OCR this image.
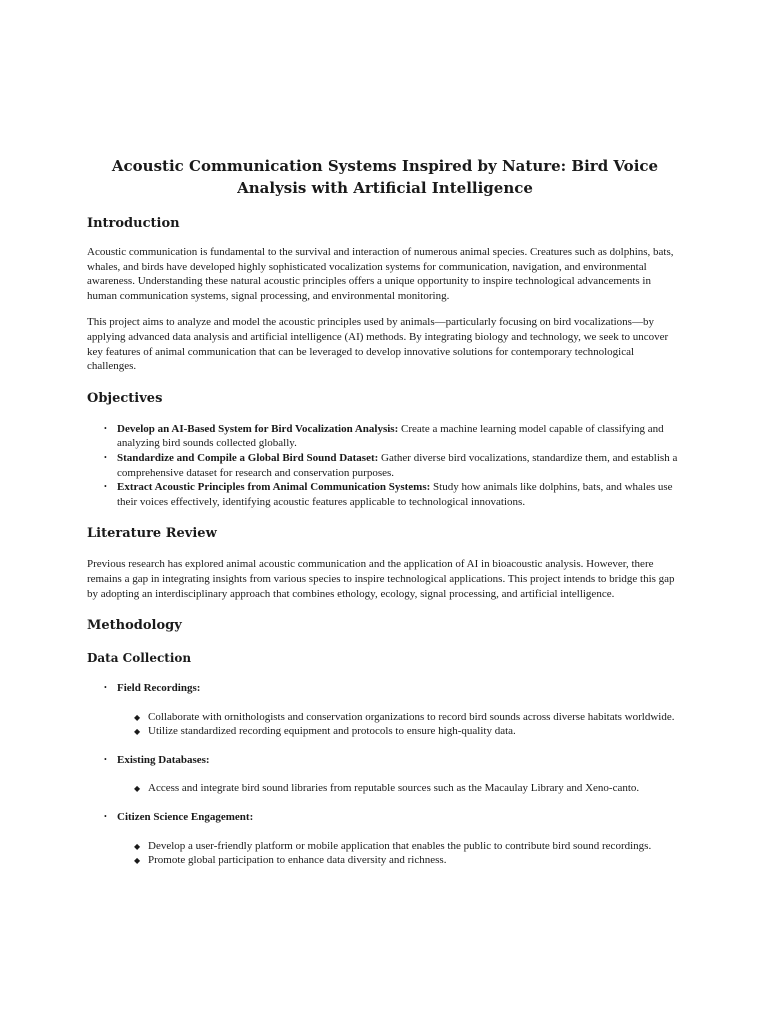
Acoustic Communication Systems Inspired by Nature: Bird Voice Analysis with Artificial Intelligence
Introduction

Acoustic communication is fundamental to the survival and interaction of numerous animal species. Creatures such as dolphins, bats, whales, and birds have developed highly sophisticated vocalization systems for communication, navigation, and environmental awareness. Understanding these natural acoustic principles offers a unique opportunity to inspire technological advancements in human communication systems, signal processing, and environmental monitoring.

This project aims to analyze and model the acoustic principles used by animals—particularly focusing on bird vocalizations—by applying advanced data analysis and artificial intelligence (AI) methods. By integrating biology and technology, we seek to uncover key features of animal communication that can be leveraged to develop innovative solutions for contemporary technological challenges.

Objectives
• Develop an AI-Based System for Bird Vocalization Analysis: Create a machine learning model capable of classifying and analyzing bird sounds collected globally.
• Standardize and Compile a Global Bird Sound Dataset: Gather diverse bird vocalizations, standardize them, and establish a comprehensive dataset for research and conservation purposes.
• Extract Acoustic Principles from Animal Communication Systems: Study how animals like dolphins, bats, and whales use their voices effectively, identifying acoustic features applicable to technological innovations.
Literature Review

Previous research has explored animal acoustic communication and the application of AI in bioacoustic analysis. However, there remains a gap in integrating insights from various species to inspire technological applications. This project intends to bridge this gap by adopting an interdisciplinary approach that combines ethology, ecology, signal processing, and artificial intelligence.

Methodology
Data Collection
• Field Recordings:
◆ Collaborate with ornithologists and conservation organizations to record bird sounds across diverse habitats worldwide.
◆ Utilize standardized recording equipment and protocols to ensure high-quality data.
• Existing Databases:
◆ Access and integrate bird sound libraries from reputable sources such as the Macaulay Library and Xeno-canto.
• Citizen Science Engagement:
◆ Develop a user-friendly platform or mobile application that enables the public to contribute bird sound recordings.
◆ Promote global participation to enhance data diversity and richness.
